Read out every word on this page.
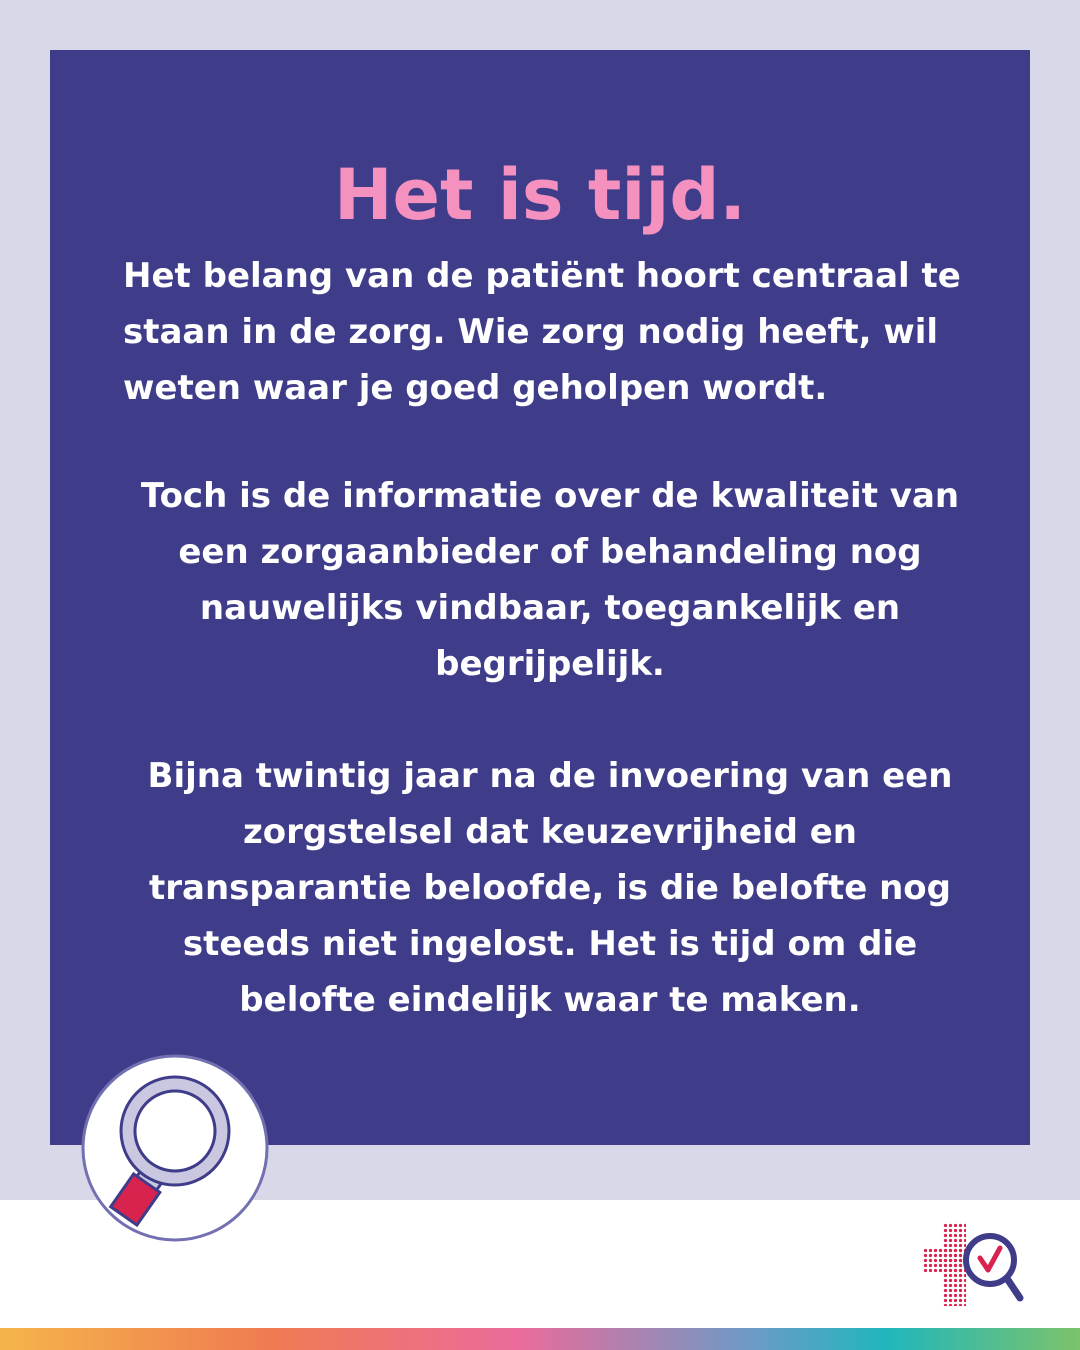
Het is tijd.

Het belang van de patiënt hoort centraal te staan in de zorg. Wie zorg nodig heeft, wil weten waar je goed geholpen wordt.

Toch is de informatie over de kwaliteit van een zorgaanbieder of behandeling nog nauwelijks vindbaar, toegankelijk en begrijpelijk.

Bijna twintig jaar na de invoering van een zorgstelsel dat keuzevrijheid en transparantie beloofde, is die belofte nog steeds niet ingelost. Het is tijd om die belofte eindelijk waar te maken.
